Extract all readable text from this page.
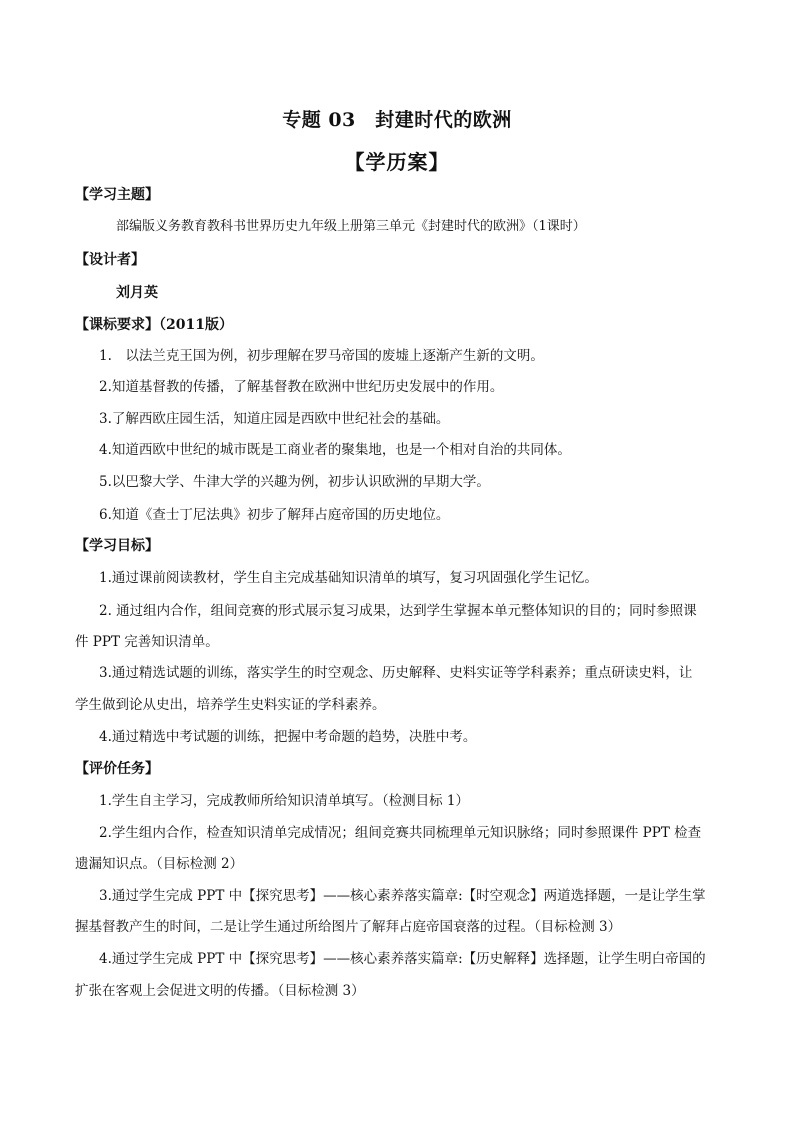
专题 03　封建时代的欧洲
【学历案】
【学习主题】
部编版义务教育教科书世界历史九年级上册第三单元《封建时代的欧洲》（1课时）
【设计者】
刘月英
【课标要求】（2011版）
1.　以法兰克王国为例，初步理解在罗马帝国的废墟上逐渐产生新的文明。
2.知道基督教的传播，了解基督教在欧洲中世纪历史发展中的作用。
3.了解西欧庄园生活，知道庄园是西欧中世纪社会的基础。
4.知道西欧中世纪的城市既是工商业者的聚集地，也是一个相对自治的共同体。
5.以巴黎大学、牛津大学的兴趣为例，初步认识欧洲的早期大学。
6.知道《查士丁尼法典》初步了解拜占庭帝国的历史地位。
【学习目标】
1.通过课前阅读教材，学生自主完成基础知识清单的填写，复习巩固强化学生记忆。
2. 通过组内合作，组间竞赛的形式展示复习成果，达到学生掌握本单元整体知识的目的；同时参照课
件 PPT 完善知识清单。
3.通过精选试题的训练，落实学生的时空观念、历史解释、史料实证等学科素养；重点研读史料，让
学生做到论从史出，培养学生史料实证的学科素养。
4.通过精选中考试题的训练，把握中考命题的趋势，决胜中考。
【评价任务】
1.学生自主学习，完成教师所给知识清单填写。（检测目标 1）
2.学生组内合作，检查知识清单完成情况；组间竞赛共同梳理单元知识脉络；同时参照课件 PPT 检查
遗漏知识点。（目标检测 2）
3.通过学生完成 PPT 中【探究思考】——核心素养落实篇章:【时空观念】两道选择题，一是让学生掌
握基督教产生的时间，二是让学生通过所给图片了解拜占庭帝国衰落的过程。（目标检测 3）
4.通过学生完成 PPT 中【探究思考】——核心素养落实篇章:【历史解释】选择题，让学生明白帝国的
扩张在客观上会促进文明的传播。（目标检测 3）
